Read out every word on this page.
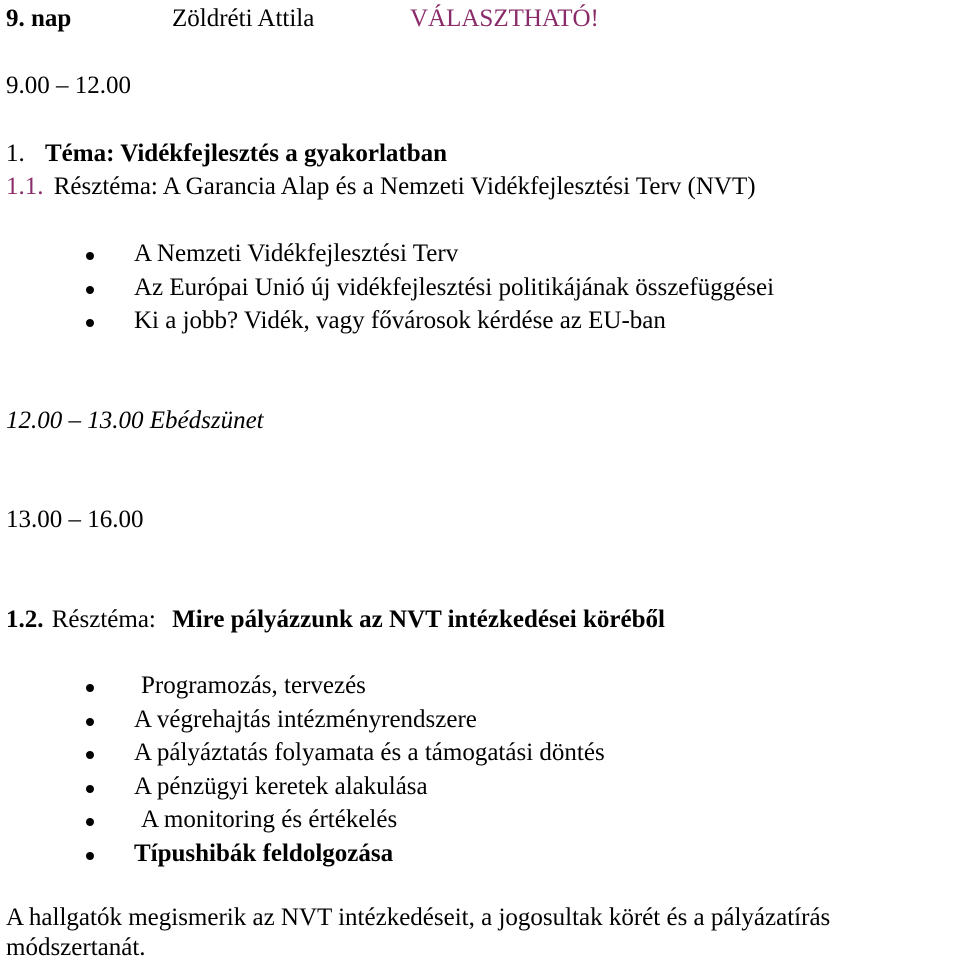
9. nap	Zöldréti Attila	VÁLASZTHATÓ!
9.00 – 12.00
1. Téma: Vidékfejlesztés a gyakorlatban
1.1. Résztéma: A Garancia Alap és a Nemzeti Vidékfejlesztési Terv (NVT)
A Nemzeti Vidékfejlesztési Terv
Az Európai Unió új vidékfejlesztési politikájának összefüggései
Ki a jobb? Vidék, vagy fővárosok kérdése az EU-ban
12.00 – 13.00 Ebédszünet
13.00 – 16.00
1.2. Résztéma: Mire pályázzunk az NVT intézkedései köréből
Programozás, tervezés
A végrehajtás intézményrendszere
A pályáztatás folyamata és a támogatási döntés
A pénzügyi keretek alakulása
A monitoring és értékelés
Típushibák feldolgozása
A hallgatók megismerik az NVT intézkedéseit, a jogosultak körét és a pályázatírás módszertanát.
